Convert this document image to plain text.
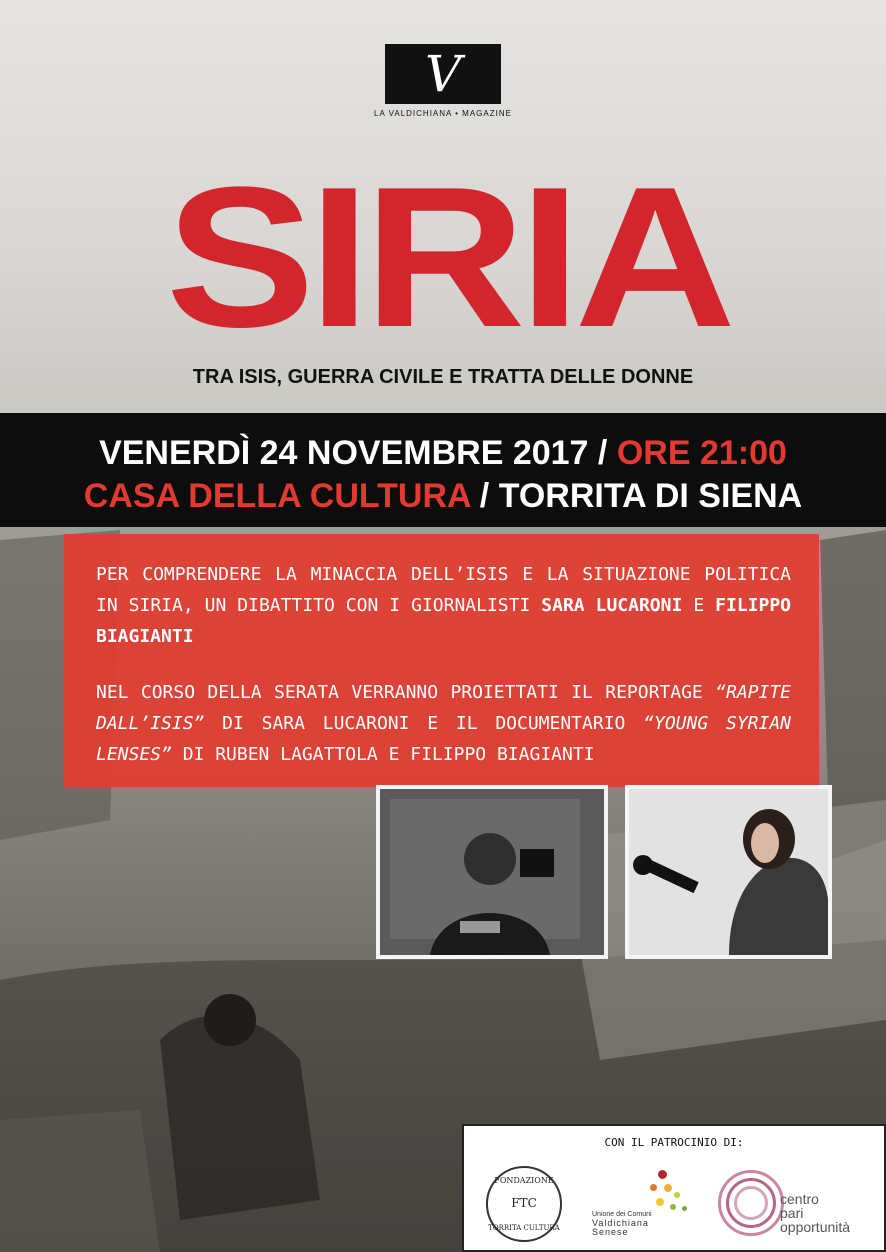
V
LA VALDICHIANA • MAGAZINE
SIRIA
TRA ISIS, GUERRA CIVILE E TRATTA DELLE DONNE
VENERDÌ 24 NOVEMBRE 2017 / ORE 21:00
CASA DELLA CULTURA / TORRITA DI SIENA
PER COMPRENDERE LA MINACCIA DELL’ISIS E LA SITUAZIONE POLITICA IN SIRIA, UN DIBATTITO CON I GIORNALISTI SARA LUCARONI E FILIPPO BIAGIANTI
NEL CORSO DELLA SERATA VERRANNO PROIETTATI IL REPORTAGE “RAPITE DALL’ISIS” DI SARA LUCARONI E IL DOCUMENTARIO “YOUNG SYRIAN LENSES” DI RUBEN LAGATTOLA E FILIPPO BIAGIANTI
CON IL PATROCINIO DI:
FONDAZIONE
FTC
TORRITA CULTURA
Unione dei Comuni
Valdichiana
Senese
centro
pari
opportunità
